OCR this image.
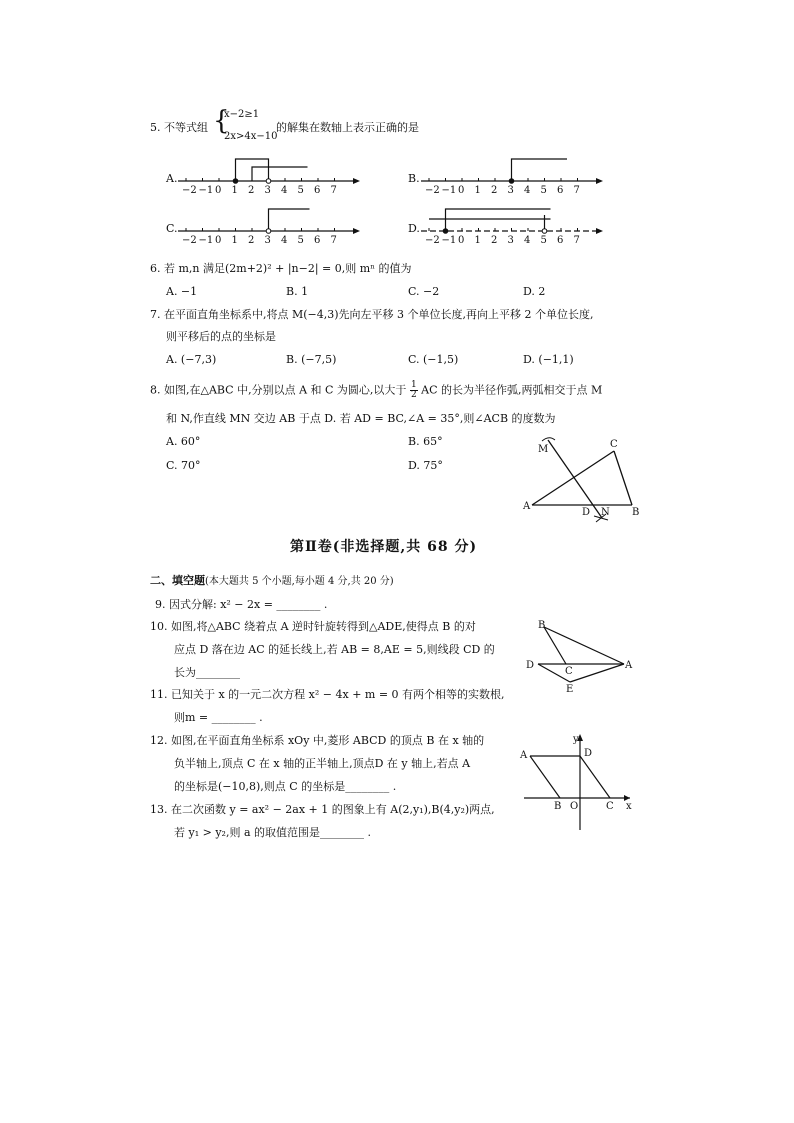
5. 不等式组 {
x−2≥1
2x>4x−10
的解集在数轴上表示正确的是
A.	B.
C.	D.
−2 −1 0 1 2 3 4 5 6 7	−2 −1 0 1 2 3 4 5 6 7
−2 −1 0 1 2 3 4 5 6 7	−2 −1 0 1 2 3 4 5 6 7
6. 若 m,n 满足(2m+2)² + |n−2| = 0,则 mⁿ 的值为
A. −1	B. 1	C. −2	D. 2
7. 在平面直角坐标系中,将点 M(−4,3)先向左平移 3 个单位长度,再向上平移 2 个单位长度,
则平移后的点的坐标是
A. (−7,3)	B. (−7,5)	C. (−1,5)	D. (−1,1)
8. 如图,在△ABC 中,分别以点 A 和 C 为圆心,以大于 $\frac{1}{2}$ AC 的长为半径作弧,两弧相交于点 M
和 N,作直线 MN 交边 AB 于点 D. 若 AD = BC,∠A = 35°,则∠ACB 的度数为
A. 60°	B. 65°
C. 70°	D. 75°
M	C
A
D N B
第Ⅱ卷(非选择题,共 68 分)
二、填空题(本大题共 5 个小题,每小题 4 分,共 20 分)
9. 因式分解: x² − 2x = ________ .
10. 如图,将△ABC 绕着点 A 逆时针旋转得到△ADE,使得点 B 的对
应点 D 落在边 AC 的延长线上,若 AB = 8,AE = 5,则线段 CD 的
长为________
B
D
C
A
E
11. 已知关于 x 的一元二次方程 x² − 4x + m = 0 有两个相等的实数根,
则m = ________ .
12. 如图,在平面直角坐标系 xOy 中,菱形 ABCD 的顶点 B 在 x 轴的
负半轴上,顶点 C 在 x 轴的正半轴上,顶点D 在 y 轴上,若点 A
的坐标是(−10,8),则点 C 的坐标是________ .
y
A	D
B O	C x
13. 在二次函数 y = ax² − 2ax + 1 的图象上有 A(2,y₁),B(4,y₂)两点,
若 y₁ > y₂,则 a 的取值范围是________ .
